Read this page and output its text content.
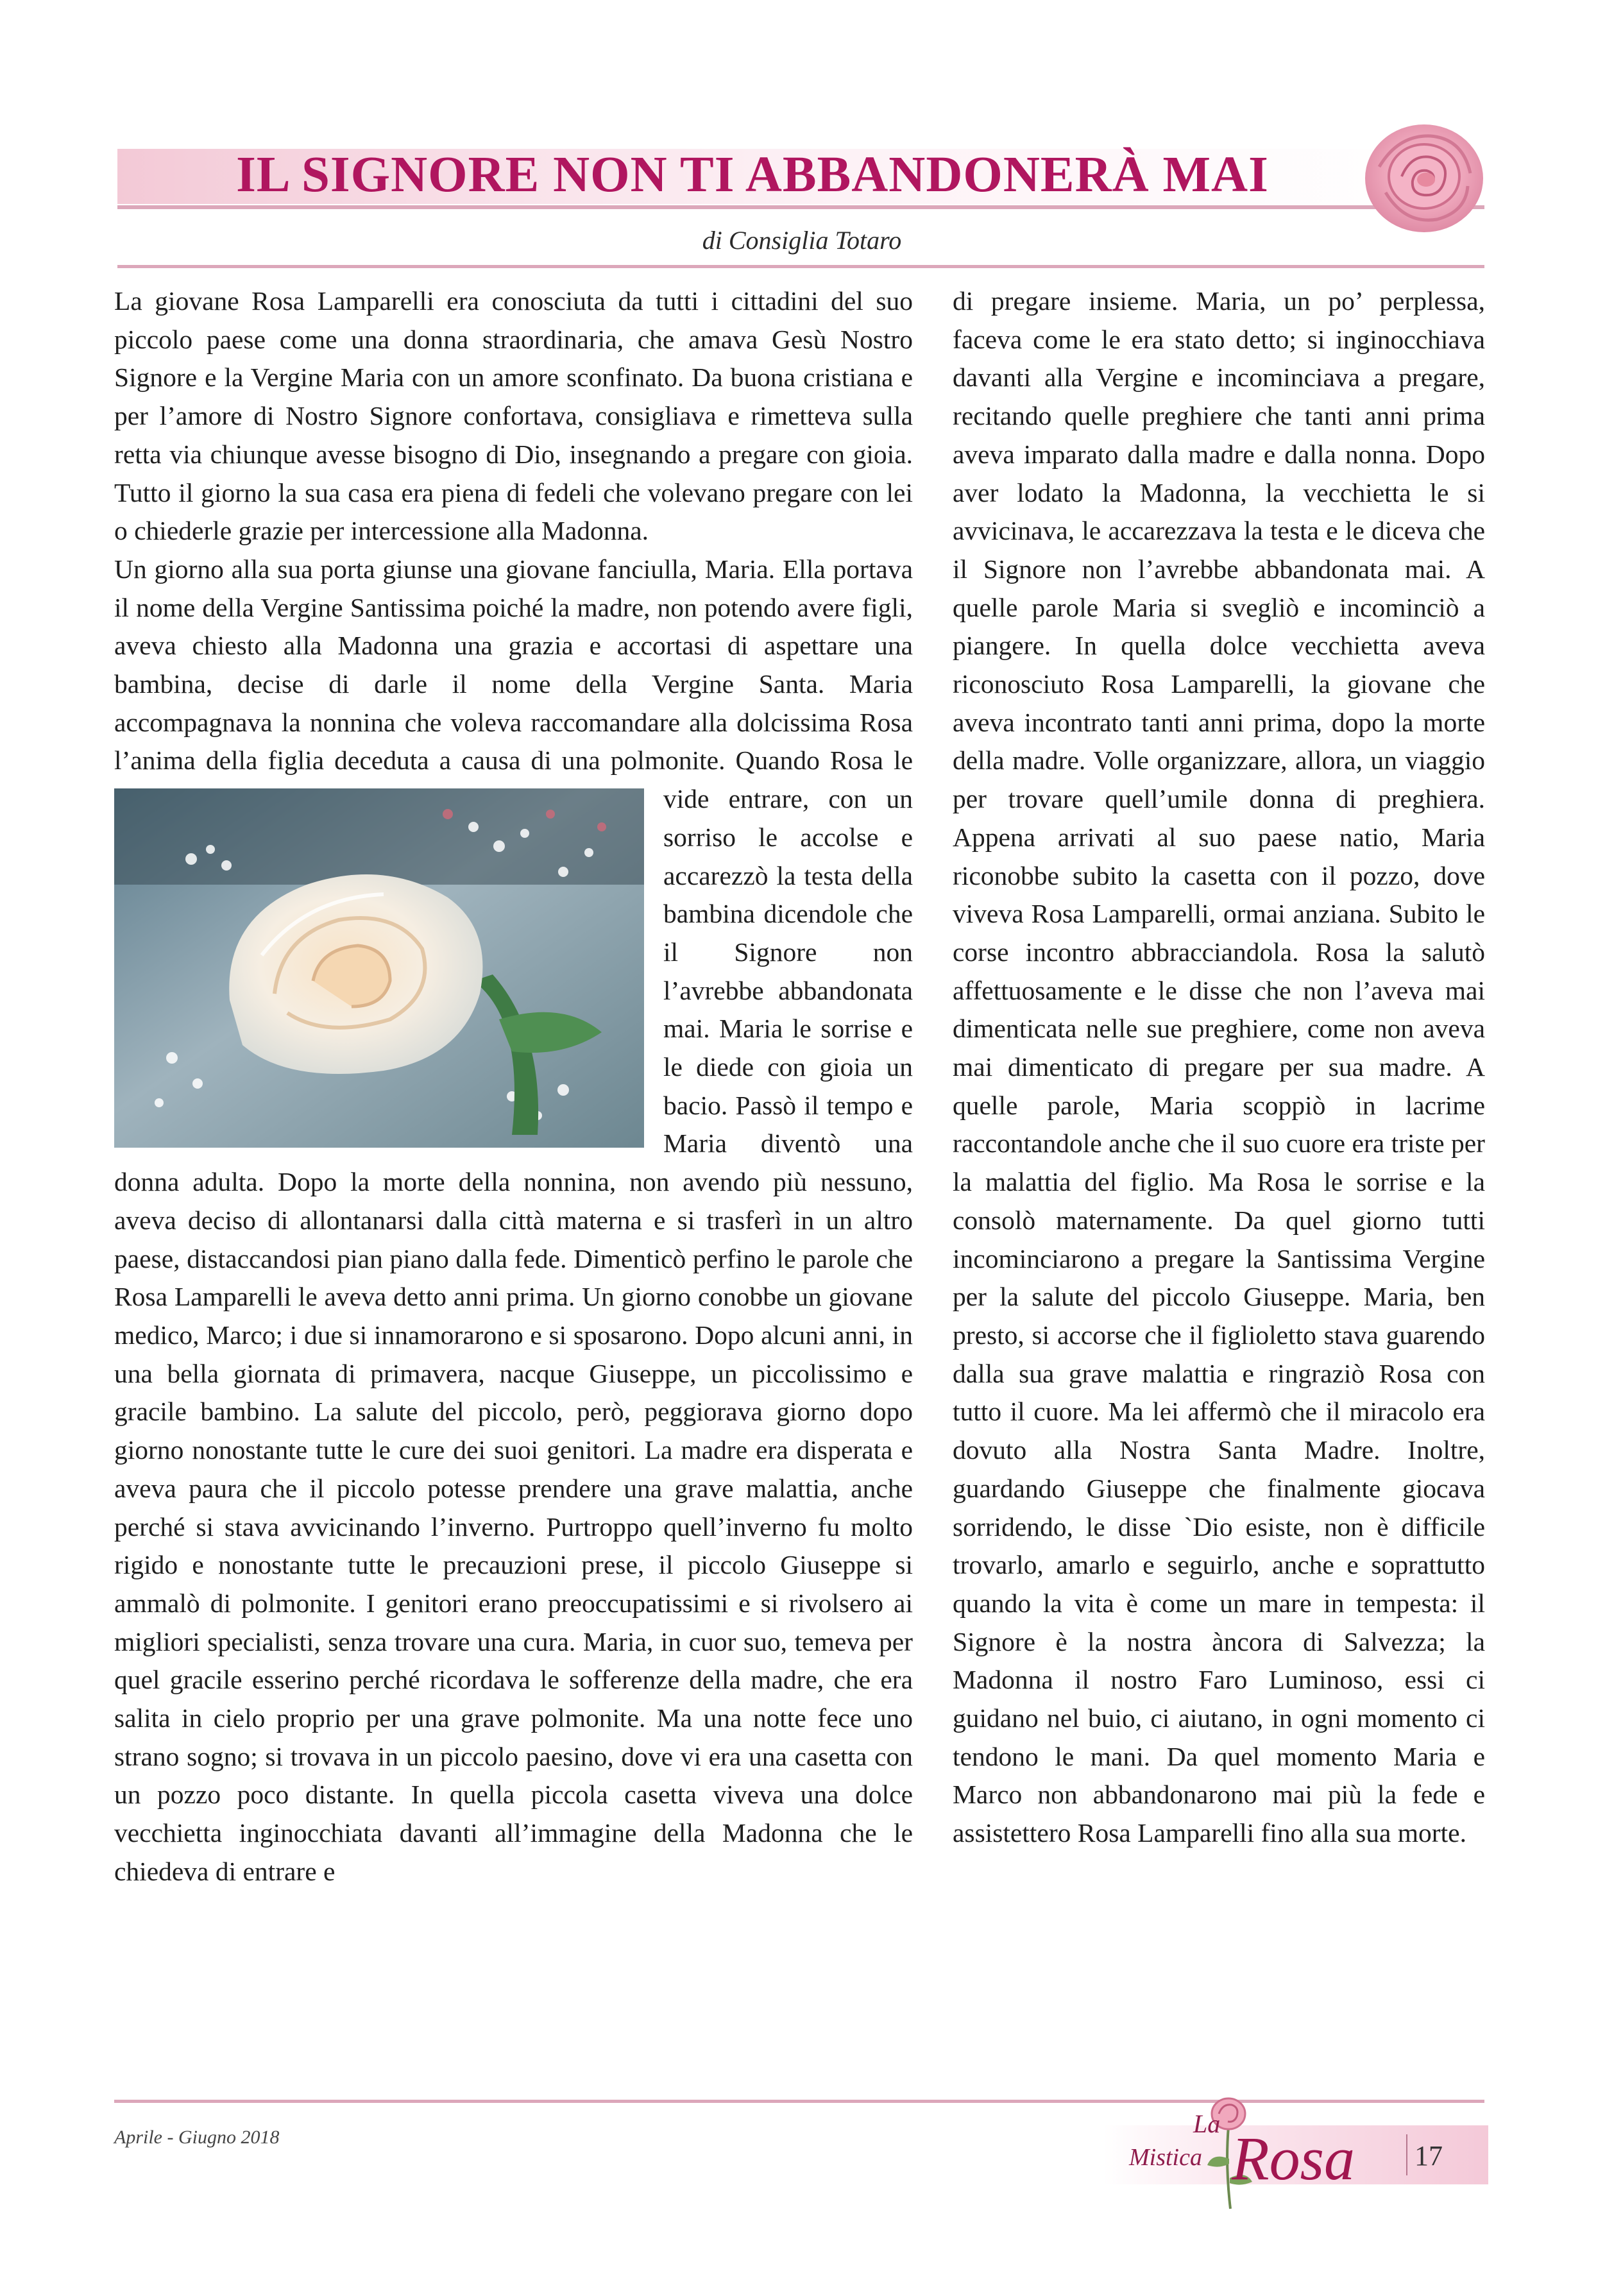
IL SIGNORE NON TI ABBANDONERÀ MAI
di Consiglia Totaro

La giovane Rosa Lamparelli era conosciuta da tutti i cittadini del suo piccolo paese come una donna straordinaria, che amava Gesù Nostro Signore e la Vergine Maria con un amore sconfinato. Da buona cristiana e per l’amore di Nostro Signore confortava, consigliava e rimetteva sulla retta via chiunque avesse bisogno di Dio, insegnando a pregare con gioia. Tutto il giorno la sua casa era piena di fedeli che volevano pregare con lei o chiederle grazie per intercessione alla Madonna.

Un giorno alla sua porta giunse una giovane fanciulla, Maria. Ella portava il nome della Vergine Santissima poiché la madre, non potendo avere figli, aveva chiesto alla Madonna una grazia e accortasi di aspettare una bambina, decise di darle il nome della Vergine Santa. Maria accompagnava la nonnina che voleva raccomandare alla dolcissima Rosa l’anima della figlia deceduta
a causa di una polmonite. Quando Rosa le vide entrare, con un sorriso le accolse e accarezzò la testa della bambina dicendole che il Signore non l’avrebbe abbandonata mai. Maria le sorrise e le diede con gioia un bacio. Passò il tempo e Maria diventò una donna adulta. Dopo la morte della nonnina, non avendo più nessuno, aveva deciso di allontanarsi dalla città materna e si trasferì in un altro paese, distaccandosi pian piano dalla fede. Dimenticò perfino le parole che Rosa Lamparelli le aveva detto anni prima. Un giorno conobbe un giovane medico, Marco; i due si innamorarono e si sposarono. Dopo alcuni anni, in una bella giornata di primavera, nacque Giuseppe, un piccolissimo e gracile bambino. La salute del piccolo, però, peggiorava giorno dopo giorno nonostante tutte le cure dei suoi genitori. La madre era disperata e aveva paura che il piccolo potesse prendere una grave malattia, anche perché si stava avvicinando l’inverno. Purtroppo quell’inverno fu molto rigido e nonostante tutte le precauzioni prese, il piccolo Giuseppe si ammalò di polmonite. I genitori erano preoccupatissimi e si rivolsero ai migliori specialisti, senza trovare una cura. Maria, in cuor suo, temeva per quel gracile esserino perché ricordava le sofferenze della madre, che era salita in cielo proprio per una grave polmonite. Ma una notte fece uno strano sogno; si trovava in un piccolo paesino, dove vi era una casetta con un pozzo poco distante. In quella piccola casetta viveva una dolce vecchietta inginocchiata davanti all’immagine della Madonna che le chiedeva di entrare e

di pregare insieme. Maria, un po’ perplessa, faceva come le era stato detto; si inginocchiava davanti alla Vergine e incominciava a pregare, recitando quelle preghiere che tanti anni prima aveva imparato dalla madre e dalla nonna. Dopo aver lodato la Madonna, la vecchietta le si avvicinava, le accarezzava la testa e le diceva che il Signore non l’avrebbe abbandonata mai. A quelle parole Maria si svegliò e incominciò a piangere. In quella dolce vecchietta aveva riconosciuto Rosa Lamparelli, la giovane che aveva incontrato tanti anni prima, dopo la morte della madre. Volle organizzare, allora, un viaggio per trovare quell’umile donna di preghiera. Appena arrivati al suo paese natio, Maria riconobbe subito la casetta con il pozzo, dove viveva Rosa Lamparelli, ormai anziana. Subito le corse incontro abbracciandola. Rosa la salutò affettuosamente e le disse che non l’aveva mai dimenticata nelle sue preghiere, come non aveva mai dimenticato di pregare per sua madre. A quelle parole, Maria scoppiò in lacrime raccontandole anche che il suo cuore era triste per la malattia del figlio. Ma Rosa le sorrise e la consolò maternamente. Da quel giorno tutti incominciarono a pregare la Santissima Vergine per la salute del piccolo Giuseppe. Maria, ben presto, si accorse che il figlioletto stava guarendo dalla sua grave malattia e ringraziò Rosa con tutto il cuore. Ma lei affermò che il miracolo era dovuto alla Nostra Santa Madre. Inoltre, guardando Giuseppe che finalmente giocava sorridendo, le disse `Dio esiste, non è difficile trovarlo, amarlo e seguirlo, anche e soprattutto quando la vita è come un mare in tempesta: il Signore è la nostra àncora di Salvezza; la Madonna il nostro Faro Luminoso, essi ci guidano nel buio, ci aiutano, in ogni momento ci tendono le mani. Da quel momento Maria e Marco non abbandonarono mai più la fede e assistettero Rosa Lamparelli fino alla sua morte.

Aprile - Giugno 2018	La
Mistica Rosa 17
